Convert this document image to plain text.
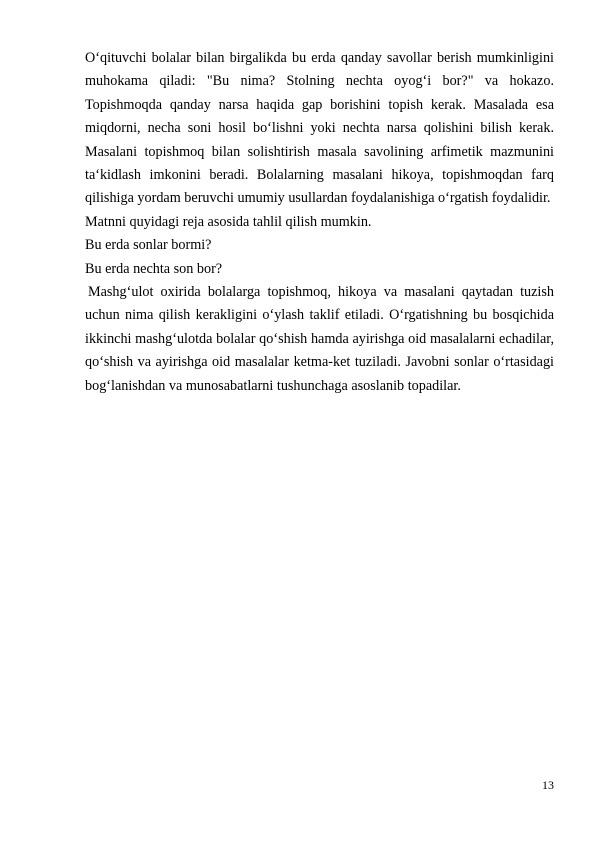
O‘qituvchi bolalar bilan birgalikda bu erda qanday savollar berish mumkinligini muhokama qiladi: "Bu nima? Stolning nechta oyog‘i bor?" va hokazo. Topishmoqda qanday narsa haqida gap borishini topish kerak. Masalada esa miqdorni, necha soni hosil bo‘lishni yoki nechta narsa qolishini bilish kerak. Masalani topishmoq bilan solishtirish masala savolining arfimetik mazmunini ta‘kidlash imkonini beradi. Bolalarning masalani hikoya, topishmoqdan farq qilishiga yordam beruvchi umumiy usullardan foydalanishiga o‘rgatish foydalidir.

Matnni quyidagi reja asosida tahlil qilish mumkin.

Bu erda sonlar bormi?

Bu erda nechta son bor?

Mashg‘ulot oxirida bolalarga topishmoq, hikoya va masalani qaytadan tuzish uchun nima qilish kerakligini o‘ylash taklif etiladi. O‘rgatishning bu bosqichida ikkinchi mashg‘ulotda bolalar qo‘shish hamda ayirishga oid masalalarni echadilar, qo‘shish va ayirishga oid masalalar ketma-ket tuziladi. Javobni sonlar o‘rtasidagi bog‘lanishdan va munosabatlarni tushunchaga asoslanib topadilar.

13
